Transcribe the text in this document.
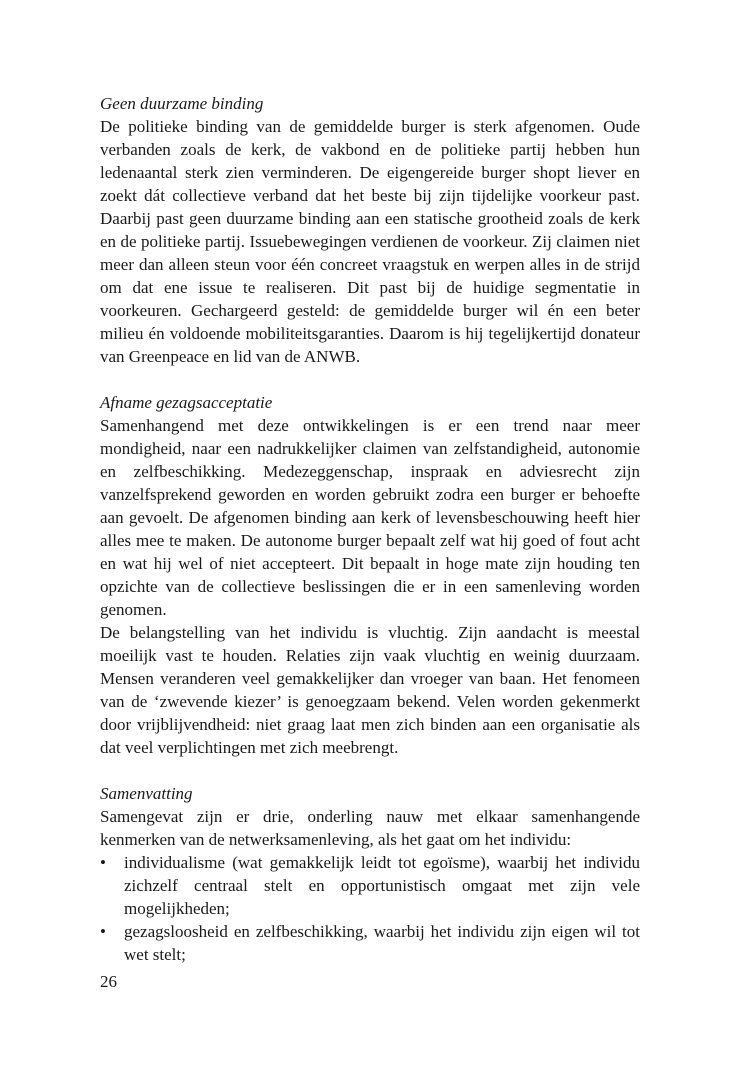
Geen duurzame binding

De politieke binding van de gemiddelde burger is sterk afgenomen. Oude verbanden zoals de kerk, de vakbond en de politieke partij hebben hun ledenaantal sterk zien verminderen. De eigengereide burger shopt liever en zoekt dát collectieve verband dat het beste bij zijn tijdelijke voorkeur past. Daarbij past geen duurzame binding aan een statische grootheid zoals de kerk en de politieke partij. Issuebewegingen verdienen de voorkeur. Zij claimen niet meer dan alleen steun voor één concreet vraagstuk en werpen alles in de strijd om dat ene issue te realiseren. Dit past bij de huidige segmentatie in voorkeuren. Gechargeerd gesteld: de gemiddelde burger wil én een beter milieu én voldoende mobiliteitsgaranties. Daarom is hij tegelijkertijd donateur van Greenpeace en lid van de ANWB.

Afname gezagsacceptatie

Samenhangend met deze ontwikkelingen is er een trend naar meer mondigheid, naar een nadrukkelijker claimen van zelfstandigheid, autonomie en zelfbeschikking. Medezeggenschap, inspraak en adviesrecht zijn vanzelfsprekend geworden en worden gebruikt zodra een burger er behoefte aan gevoelt. De afgenomen binding aan kerk of levensbeschouwing heeft hier alles mee te maken. De autonome burger bepaalt zelf wat hij goed of fout acht en wat hij wel of niet accepteert. Dit bepaalt in hoge mate zijn houding ten opzichte van de collectieve beslissingen die er in een samenleving worden genomen.

De belangstelling van het individu is vluchtig. Zijn aandacht is meestal moeilijk vast te houden. Relaties zijn vaak vluchtig en weinig duurzaam. Mensen veranderen veel gemakkelijker dan vroeger van baan. Het fenomeen van de ‘zwevende kiezer’ is genoegzaam bekend. Velen worden gekenmerkt door vrijblijvendheid: niet graag laat men zich binden aan een organisatie als dat veel verplichtingen met zich meebrengt.

Samenvatting

Samengevat zijn er drie, onderling nauw met elkaar samenhangende kenmerken van de netwerksamenleving, als het gaat om het individu:

•	individualisme (wat gemakkelijk leidt tot egoïsme), waarbij het individu zichzelf centraal stelt en opportunistisch omgaat met zijn vele mogelijkheden;
•	gezagsloosheid en zelfbeschikking, waarbij het individu zijn eigen wil tot wet stelt;
26
